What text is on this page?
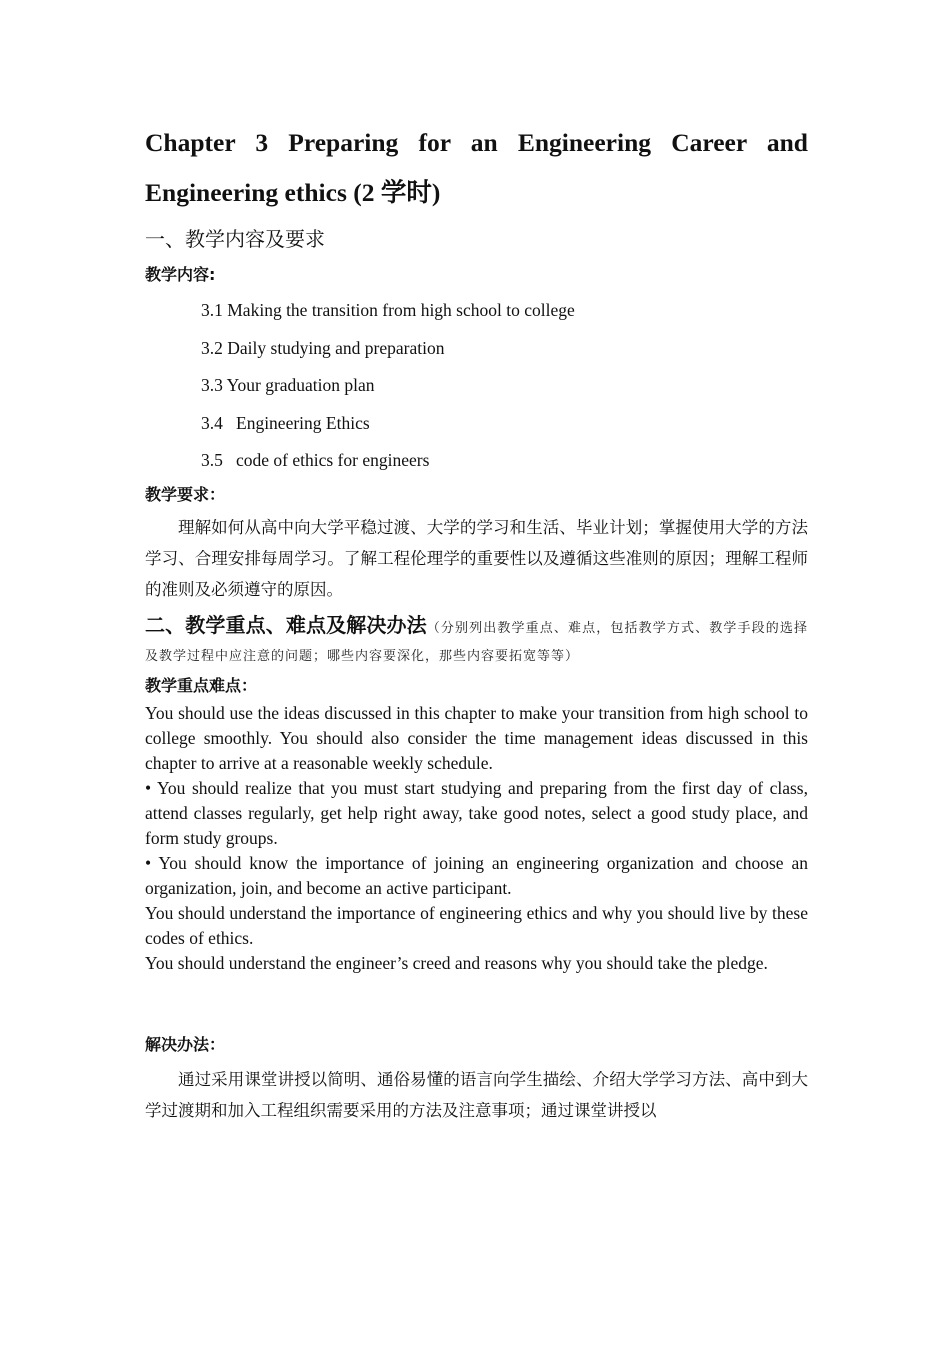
Chapter 3 Preparing for an Engineering Career and

Engineering ethics (2 学时)

一、教学内容及要求

教学内容:

3.1 Making the transition from high school to college

3.2 Daily studying and preparation

3.3 Your graduation plan

3.4   Engineering Ethics

3.5   code of ethics for engineers

教学要求：

理解如何从高中向大学平稳过渡、大学的学习和生活、毕业计划；掌握使用大学的方法学习、合理安排每周学习。了解工程伦理学的重要性以及遵循这些准则的原因；理解工程师的准则及必须遵守的原因。

二、教学重点、难点及解决办法（分别列出教学重点、难点，包括教学方式、教学手段的选择及教学过程中应注意的问题；哪些内容要深化，那些内容要拓宽等等）

教学重点难点：

You should use the ideas discussed in this chapter to make your transition from high school to college smoothly. You should also consider the time management ideas discussed in this chapter to arrive at a reasonable weekly schedule.

• You should realize that you must start studying and preparing from the first day of class, attend classes regularly, get help right away, take good notes, select a good study place, and form study groups.

• You should know the importance of joining an engineering organization and choose an organization, join, and become an active participant.

You should understand the importance of engineering ethics and why you should live by these codes of ethics.

You should understand the engineer’s creed and reasons why you should take the pledge.

解决办法：

通过采用课堂讲授以简明、通俗易懂的语言向学生描绘、介绍大学学习方法、高中到大学过渡期和加入工程组织需要采用的方法及注意事项；通过课堂讲授以
